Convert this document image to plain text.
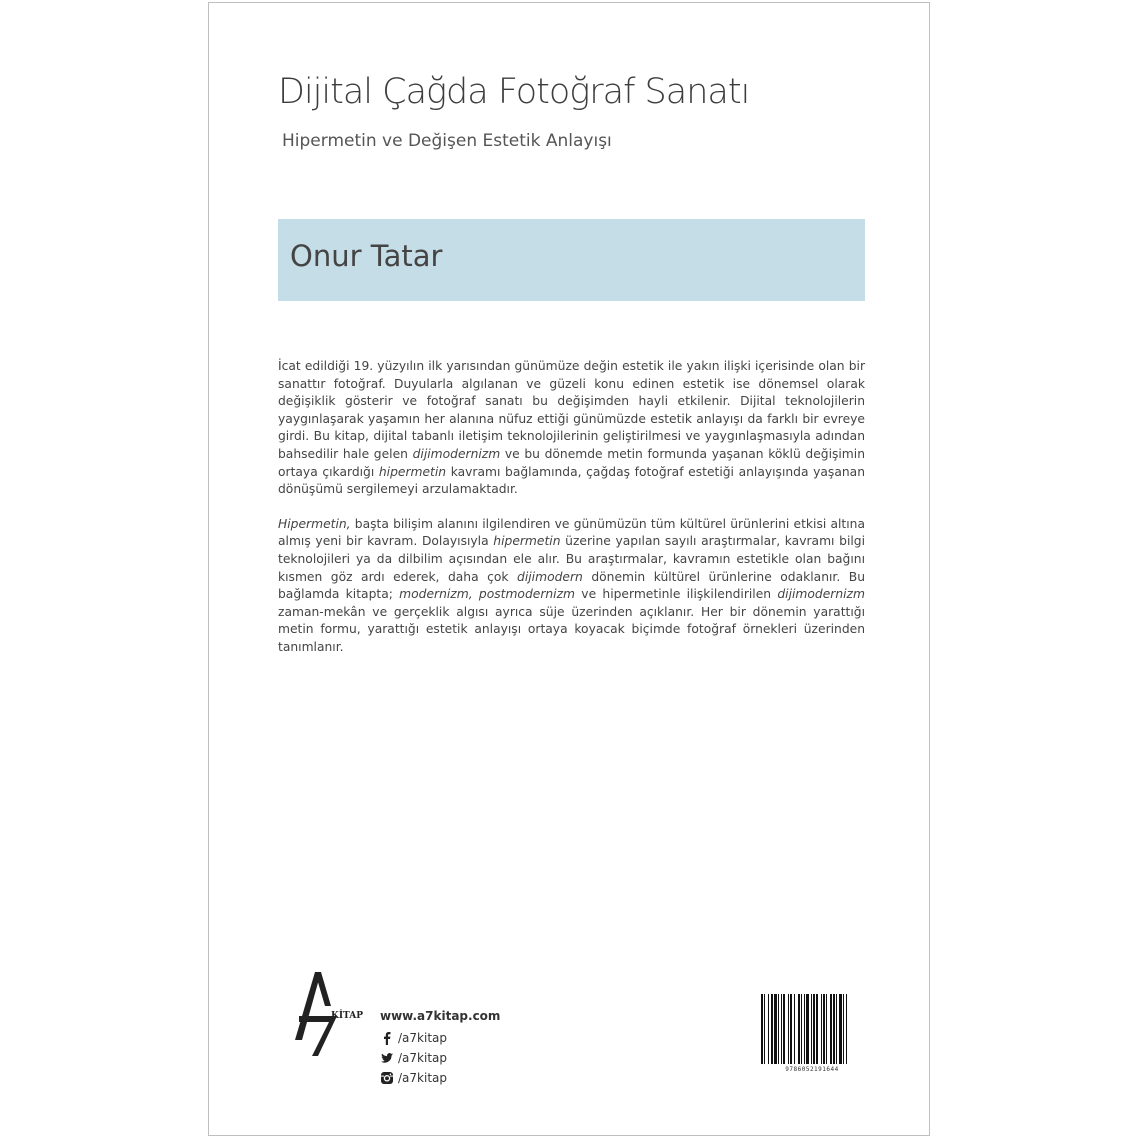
Dijital Çağda Fotoğraf Sanatı
Hipermetin ve Değişen Estetik Anlayışı
Onur Tatar

İcat edildiği 19. yüzyılın ilk yarısından günümüze değin estetik ile yakın ilişki içerisinde olan bir sanattır fotoğraf. Duyularla algılanan ve güzeli konu edinen estetik ise dönemsel olarak değişiklik gösterir ve fotoğraf sanatı bu değişimden hayli etkilenir. Dijital teknolojilerin yaygınlaşarak yaşamın her alanına nüfuz ettiği günümüzde estetik anlayışı da farklı bir evreye girdi. Bu kitap, dijital tabanlı iletişim teknolojilerinin geliştirilmesi ve yaygınlaşmasıyla adından bahsedilir hale gelen dijimodernizm ve bu dönemde metin formunda yaşanan köklü değişimin ortaya çıkardığı hipermetin kavramı bağlamında, çağdaş fotoğraf estetiği anlayışında yaşanan dönüşümü sergilemeyi arzulamaktadır.

Hipermetin, başta bilişim alanını ilgilendiren ve günümüzün tüm kültürel ürünlerini etkisi altına almış yeni bir kavram. Dolayısıyla hipermetin üzerine yapılan sayılı araştırmalar, kavramı bilgi teknolojileri ya da dilbilim açısından ele alır. Bu araştırmalar, kavramın estetikle olan bağını kısmen göz ardı ederek, daha çok dijimodern dönemin kültürel ürünlerine odaklanır. Bu bağlamda kitapta; modernizm, postmodernizm ve hipermetinle ilişkilendirilen dijimodernizm zaman-mekân ve gerçeklik algısı ayrıca süje üzerinden açıklanır. Her bir dönemin yarattığı metin formu, yarattığı estetik anlayışı ortaya koyacak biçimde fotoğraf örnekleri üzerinden tanımlanır.

KİTAP www.a7kitap.com
/a7kitap
/a7kitap
/a7kitap
9786052191644
